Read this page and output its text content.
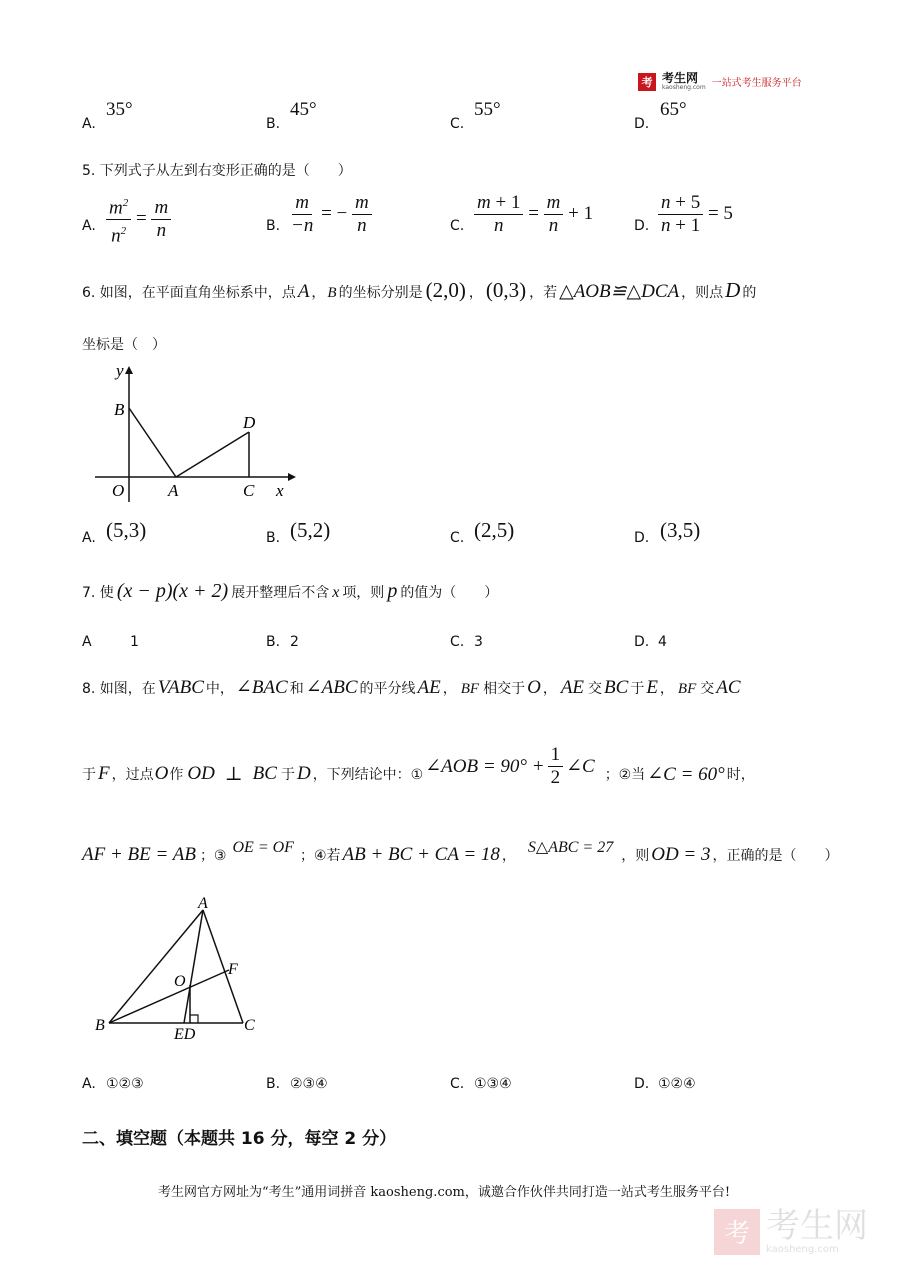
考 考生网
kaosheng.com 一站式考生服务平台
A.
35°
B.
45°
C.
55°
D.
65°
5. 下列式子从左到右变形正确的是（　　）
A. $\frac{m^2}{n^2} = \frac{m}{n}$	B. $\frac{m}{-n}$ = − $\frac{m}{n}$	C. $\frac{m + 1}{n} = \frac{m}{n} + 1$
D. $\frac{n + 5}{n + 1} = 5$
6. 如图，在平面直角坐标系中，点 A ， B 的坐标分别是 (2,0) ， (0,3) ，若 △AOB≌△DCA ，则点 D 的
坐标是（　）
y
x
O	A
B
C
D
A. (5,3)	B. (5,2)	C. (2,5)	D. (3,5)
7. 使 (x − p)(x + 2) 展开整理后不含 x 项，则 p 的值为（　　）
A	1	B. 2	C. 3	D. 4
8. 如图，在 VABC 中， ∠BAC 和 ∠ABC 的平分线 AE ， BF 相交于 O ， AE 交 BC 于 E ， BF 交 AC
于 F ，过点 O 作 OD ⊥ BC 于 D ，下列结论中：① ∠AOB = $90^\circ + \frac{1}{2}$ ∠C ；②当 ∠C = 60° 时，
AF + BE = AB ；③ OE = OF ；④若 AB + BC + CA = 18 ， S△ABC = 27 ，则 OD = 3 ，正确的是（　　）
A
B	C
O
F
ED
A. ①②③	B. ②③④	C. ①③④	D. ①②④
二、填空题（本题共 16 分，每空 2 分）
考生网官方网址为“考生”通用词拼音 kaosheng.com，诚邀合作伙伴共同打造一站式考生服务平台!
考 考生网
kaosheng.com
